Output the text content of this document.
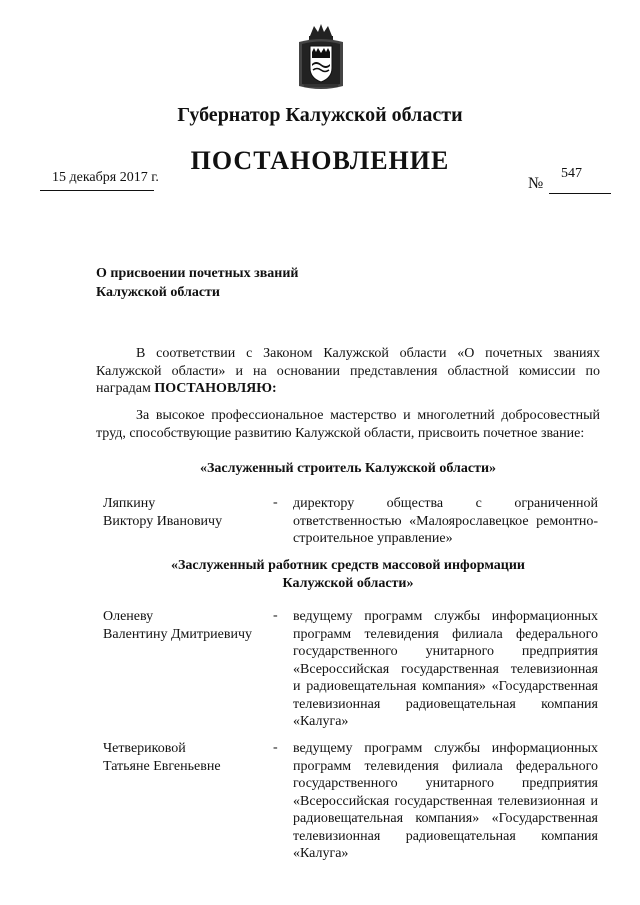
Губернатор Калужской области
ПОСТАНОВЛЕНИЕ
15 декабря 2017 г.	№
547
О присвоении почетных званий
Калужской области
В соответствии с Законом Калужской области «О почетных званиях Калужской области» и на основании представления областной комиссии по наградам ПОСТАНОВЛЯЮ:
За высокое профессиональное мастерство и многолетний добросовестный труд, способствующие развитию Калужской области, присвоить почетное звание:
«Заслуженный строитель Калужской области»
Ляпкину
Виктору Ивановичу
- директору общества с ограниченной
ответственностью «Малоярославецкое ремонтно-
строительное управление»
«Заслуженный работник средств массовой информации
Калужской области»
Оленеву
Валентину Дмитриевичу
- ведущему программ службы информационных
программ телевидения филиала федерального
государственного унитарного предприятия
«Всероссийская государственная телевизионная
и радиовещательная компания» «Государственная
телевизионная радиовещательная компания
«Калуга»
Четвериковой
Татьяне Евгеньевне
- ведущему программ службы информационных
программ телевидения филиала федерального
государственного унитарного предприятия
«Всероссийская государственная телевизионная и
радиовещательная компания» «Государственная
телевизионная радиовещательная компания
«Калуга»
